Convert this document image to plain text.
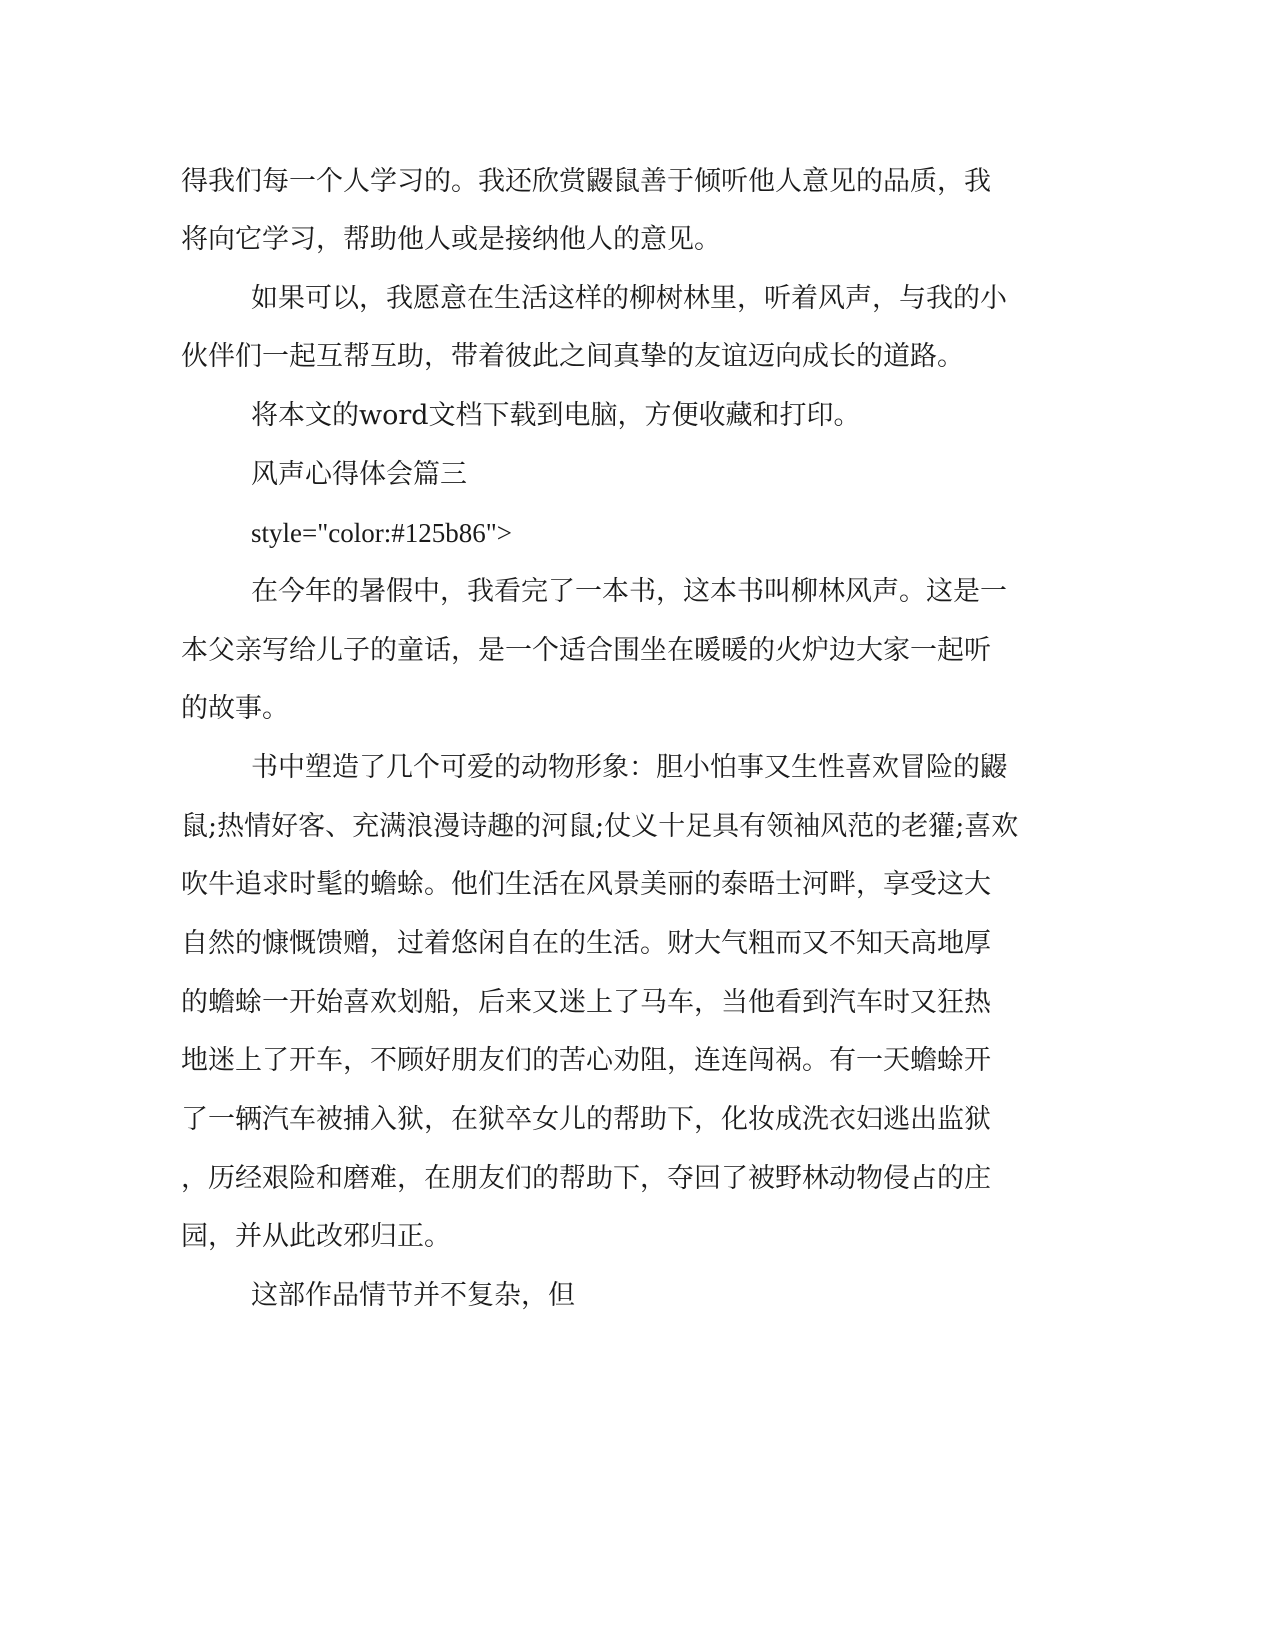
得我们每一个人学习的。我还欣赏鼹鼠善于倾听他人意见的品质，我
将向它学习，帮助他人或是接纳他人的意见。
如果可以，我愿意在生活这样的柳树林里，听着风声，与我的小
伙伴们一起互帮互助，带着彼此之间真挚的友谊迈向成长的道路。
将本文的word文档下载到电脑，方便收藏和打印。
风声心得体会篇三
style="color:#125b86">
在今年的暑假中，我看完了一本书，这本书叫柳林风声。这是一
本父亲写给儿子的童话，是一个适合围坐在暖暖的火炉边大家一起听
的故事。
书中塑造了几个可爱的动物形象：胆小怕事又生性喜欢冒险的鼹
鼠;热情好客、充满浪漫诗趣的河鼠;仗义十足具有领袖风范的老獾;喜欢
吹牛追求时髦的蟾蜍。他们生活在风景美丽的泰晤士河畔，享受这大
自然的慷慨馈赠，过着悠闲自在的生活。财大气粗而又不知天高地厚
的蟾蜍一开始喜欢划船，后来又迷上了马车，当他看到汽车时又狂热
地迷上了开车，不顾好朋友们的苦心劝阻，连连闯祸。有一天蟾蜍开
了一辆汽车被捕入狱，在狱卒女儿的帮助下，化妆成洗衣妇逃出监狱
，历经艰险和磨难，在朋友们的帮助下，夺回了被野林动物侵占的庄
园，并从此改邪归正。
这部作品情节并不复杂，但
